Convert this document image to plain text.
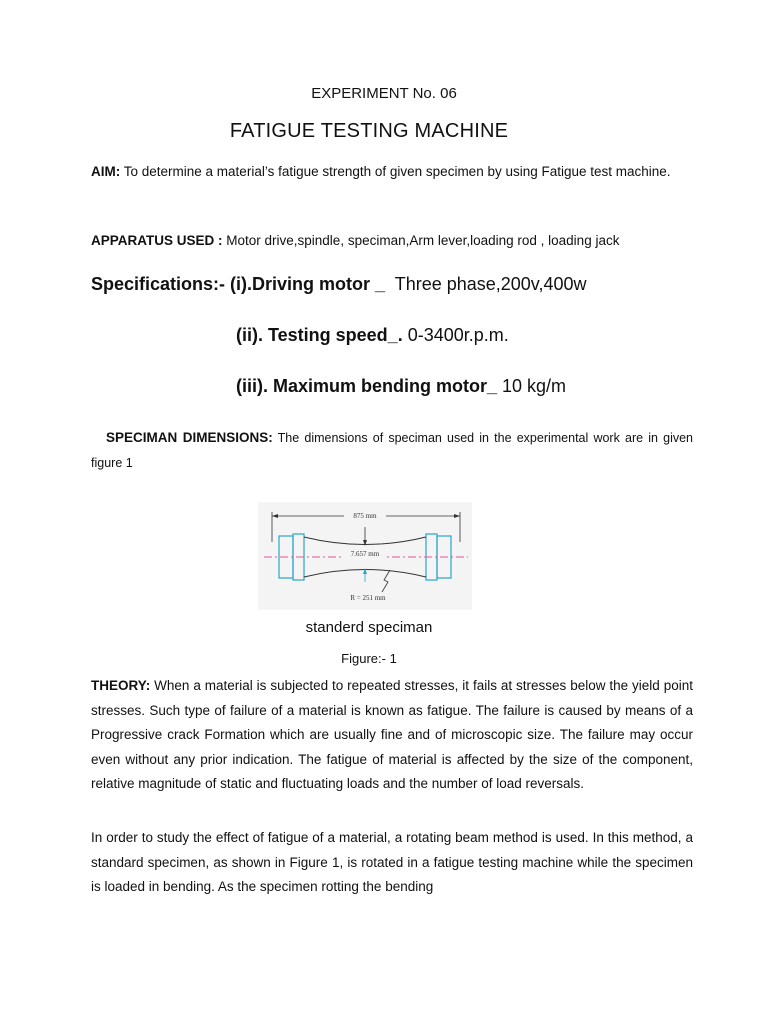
EXPERIMENT No. 06
FATIGUE TESTING MACHINE
AIM: To determine a material’s fatigue strength of given specimen by using Fatigue test machine.
APPARATUS USED : Motor drive,spindle, speciman,Arm lever,loading rod , loading jack
Specifications:- (i).Driving motor _  Three phase,200v,400w
(ii). Testing speed_. 0-3400r.p.m.
(iii). Maximum bending motor_ 10 kg/m
SPECIMAN DIMENSIONS: The dimensions of speciman used in the experimental work are in given figure 1
875 mm
7.657 mm
R = 251 mm
standerd speciman
Figure:- 1
THEORY: When a material is subjected to repeated stresses, it fails at stresses below the yield point stresses. Such type of failure of a material is known as fatigue. The failure is caused by means of a Progressive crack Formation which are usually fine and of microscopic size. The failure may occur even without any prior indication. The fatigue of material is affected by the size of the component, relative magnitude of static and fluctuating loads and the number of load reversals.
In order to study the effect of fatigue of a material, a rotating beam method is used. In this method, a standard specimen, as shown in Figure 1, is rotated in a fatigue testing machine while the specimen is loaded in bending. As the specimen rotting the bending
